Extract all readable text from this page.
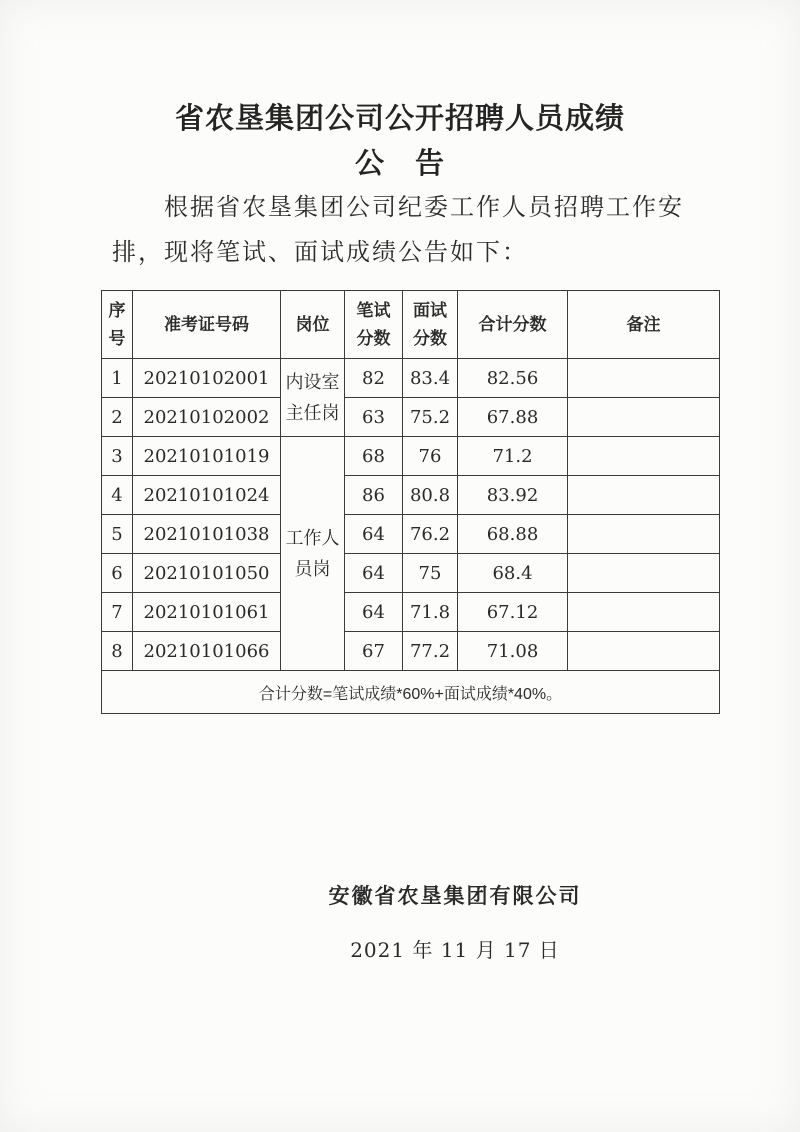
省农垦集团公司公开招聘人员成绩
公　告
根据省农垦集团公司纪委工作人员招聘工作安
排，现将笔试、面试成绩公告如下：
序号	准考证号码	岗位	笔试分数	面试分数	合计分数	备注
1	20210102001	内设室主任岗	82	83.4	82.56	
2	20210102002		63	75.2	67.88	
3	20210101019	工作人员岗	68	76	71.2	
4	20210101024		86	80.8	83.92	
5	20210101038		64	76.2	68.88	
6	20210101050		64	75	68.4	
7	20210101061		64	71.8	67.12	
8	20210101066		67	77.2	71.08	
合计分数=笔试成绩*60%+面试成绩*40%。						
安徽省农垦集团有限公司
2021 年 11 月 17 日
